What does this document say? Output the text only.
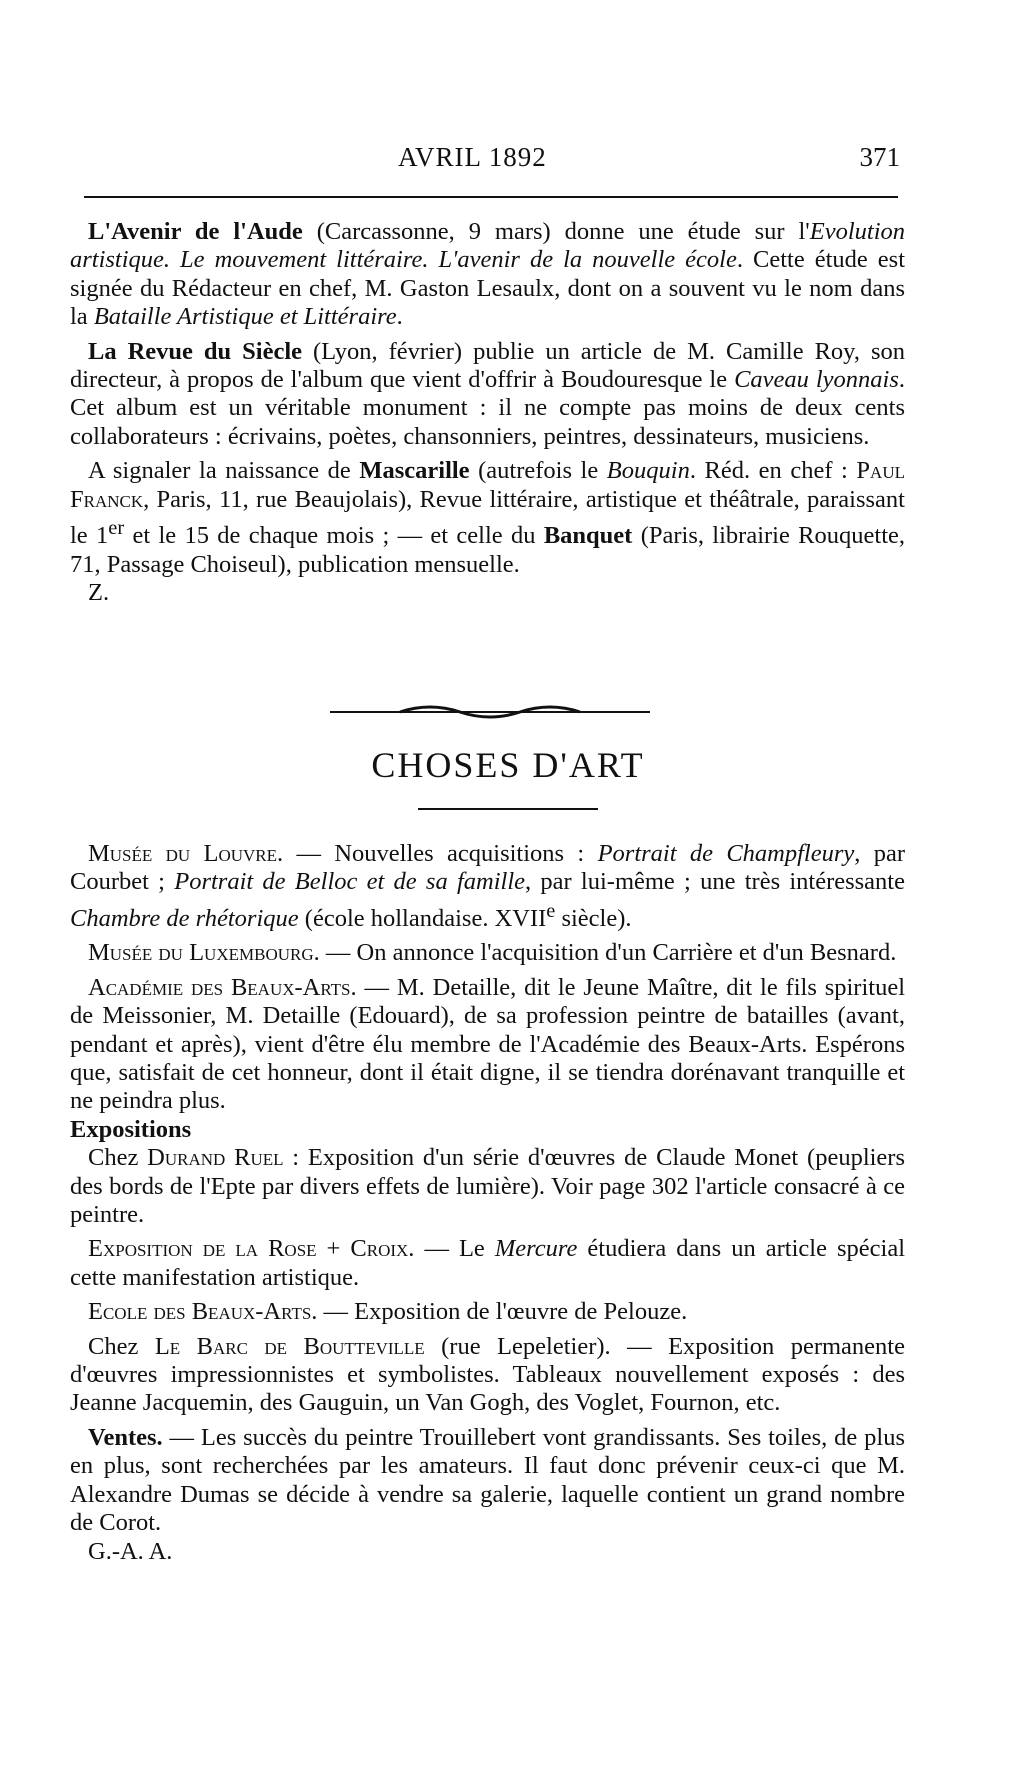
AVRIL 1892	371

L'Avenir de l'Aude (Carcassonne, 9 mars) donne une étude sur l'Evolution artistique. Le mouvement littéraire. L'avenir de la nouvelle école. Cette étude est signée du Rédacteur en chef, M. Gaston Lesaulx, dont on a souvent vu le nom dans la Bataille Artistique et Littéraire.

La Revue du Siècle (Lyon, février) publie un article de M. Camille Roy, son directeur, à propos de l'album que vient d'offrir à Boudouresque le Caveau lyonnais. Cet album est un véritable monument : il ne compte pas moins de deux cents collaborateurs : écrivains, poètes, chansonniers, peintres, dessinateurs, musiciens.

A signaler la naissance de Mascarille (autrefois le Bouquin. Réd. en chef : Paul Franck, Paris, 11, rue Beaujolais), Revue littéraire, artistique et théâtrale, paraissant le 1er et le 15 de chaque mois ; — et celle du Banquet (Paris, librairie Rouquette, 71, Passage Choiseul), publication mensuelle.

Z.

CHOSES D'ART

Musée du Louvre. — Nouvelles acquisitions : Portrait de Champfleury, par Courbet ; Portrait de Belloc et de sa famille, par lui-même ; une très intéressante Chambre de rhétorique (école hollandaise. XVIIe siècle).

Musée du Luxembourg. — On annonce l'acquisition d'un Carrière et d'un Besnard.

Académie des Beaux-Arts. — M. Detaille, dit le Jeune Maître, dit le fils spirituel de Meissonier, M. Detaille (Edouard), de sa profession peintre de batailles (avant, pendant et après), vient d'être élu membre de l'Académie des Beaux-Arts. Espérons que, satisfait de cet honneur, dont il était digne, il se tiendra dorénavant tranquille et ne peindra plus.

Expositions

Chez Durand Ruel : Exposition d'un série d'œuvres de Claude Monet (peupliers des bords de l'Epte par divers effets de lumière). Voir page 302 l'article consacré à ce peintre.

Exposition de la Rose + Croix. — Le Mercure étudiera dans un article spécial cette manifestation artistique.

Ecole des Beaux-Arts. — Exposition de l'œuvre de Pelouze.

Chez Le Barc de Boutteville (rue Lepeletier). — Exposition permanente d'œuvres impressionnistes et symbolistes. Tableaux nouvellement exposés : des Jeanne Jacquemin, des Gauguin, un Van Gogh, des Voglet, Fournon, etc.

Ventes. — Les succès du peintre Trouillebert vont grandissants. Ses toiles, de plus en plus, sont recherchées par les amateurs. Il faut donc prévenir ceux-ci que M. Alexandre Dumas se décide à vendre sa galerie, laquelle contient un grand nombre de Corot.

G.-A. A.
